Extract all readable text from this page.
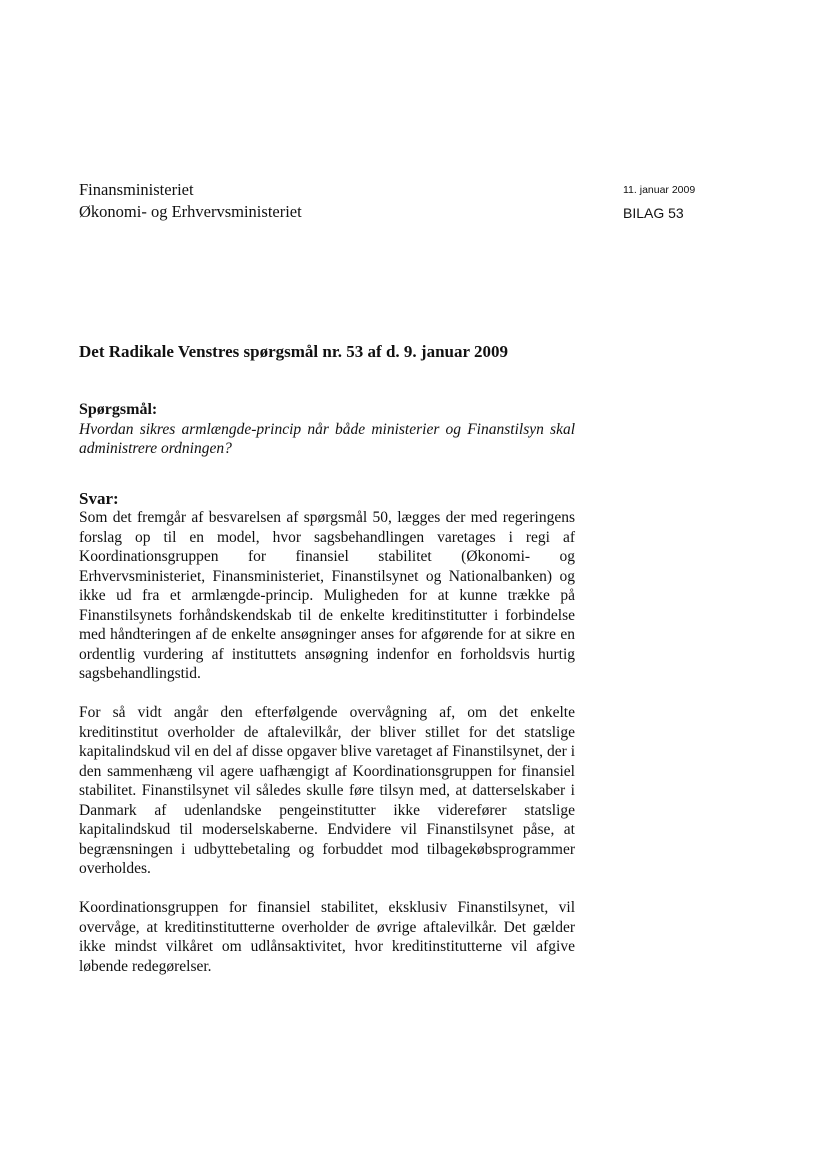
Finansministeriet
Økonomi- og Erhvervsministeriet
11. januar 2009
BILAG 53
Det Radikale Venstres spørgsmål nr. 53 af d. 9. januar 2009
Spørgsmål:
Hvordan sikres armlængde-princip når både ministerier og Finanstilsyn skal administrere ordningen?
Svar:

Som det fremgår af besvarelsen af spørgsmål 50, lægges der med regeringens forslag op til en model, hvor sagsbehandlingen varetages i regi af Koordinationsgruppen for finansiel stabilitet (Økonomi- og Erhvervsministeriet, Finansministeriet, Finanstilsynet og Nationalbanken) og ikke ud fra et armlængde-princip. Muligheden for at kunne trække på Finanstilsynets forhåndskendskab til de enkelte kreditinstitutter i forbindelse med håndteringen af de enkelte ansøgninger anses for afgørende for at sikre en ordentlig vurdering af instituttets ansøgning indenfor en forholdsvis hurtig sagsbehandlingstid.

For så vidt angår den efterfølgende overvågning af, om det enkelte kreditinstitut overholder de aftalevilkår, der bliver stillet for det statslige kapitalindskud vil en del af disse opgaver blive varetaget af Finanstilsynet, der i den sammenhæng vil agere uafhængigt af Koordinationsgruppen for finansiel stabilitet. Finanstilsynet vil således skulle føre tilsyn med, at datterselskaber i Danmark af udenlandske pengeinstitutter ikke viderefører statslige kapitalindskud til moderselskaberne. Endvidere vil Finanstilsynet påse, at begrænsningen i udbyttebetaling og forbuddet mod tilbagekøbsprogrammer overholdes.

Koordinationsgruppen for finansiel stabilitet, eksklusiv Finanstilsynet, vil overvåge, at kreditinstitutterne overholder de øvrige aftalevilkår. Det gælder ikke mindst vilkåret om udlånsaktivitet, hvor kreditinstitutterne vil afgive løbende redegørelser.
